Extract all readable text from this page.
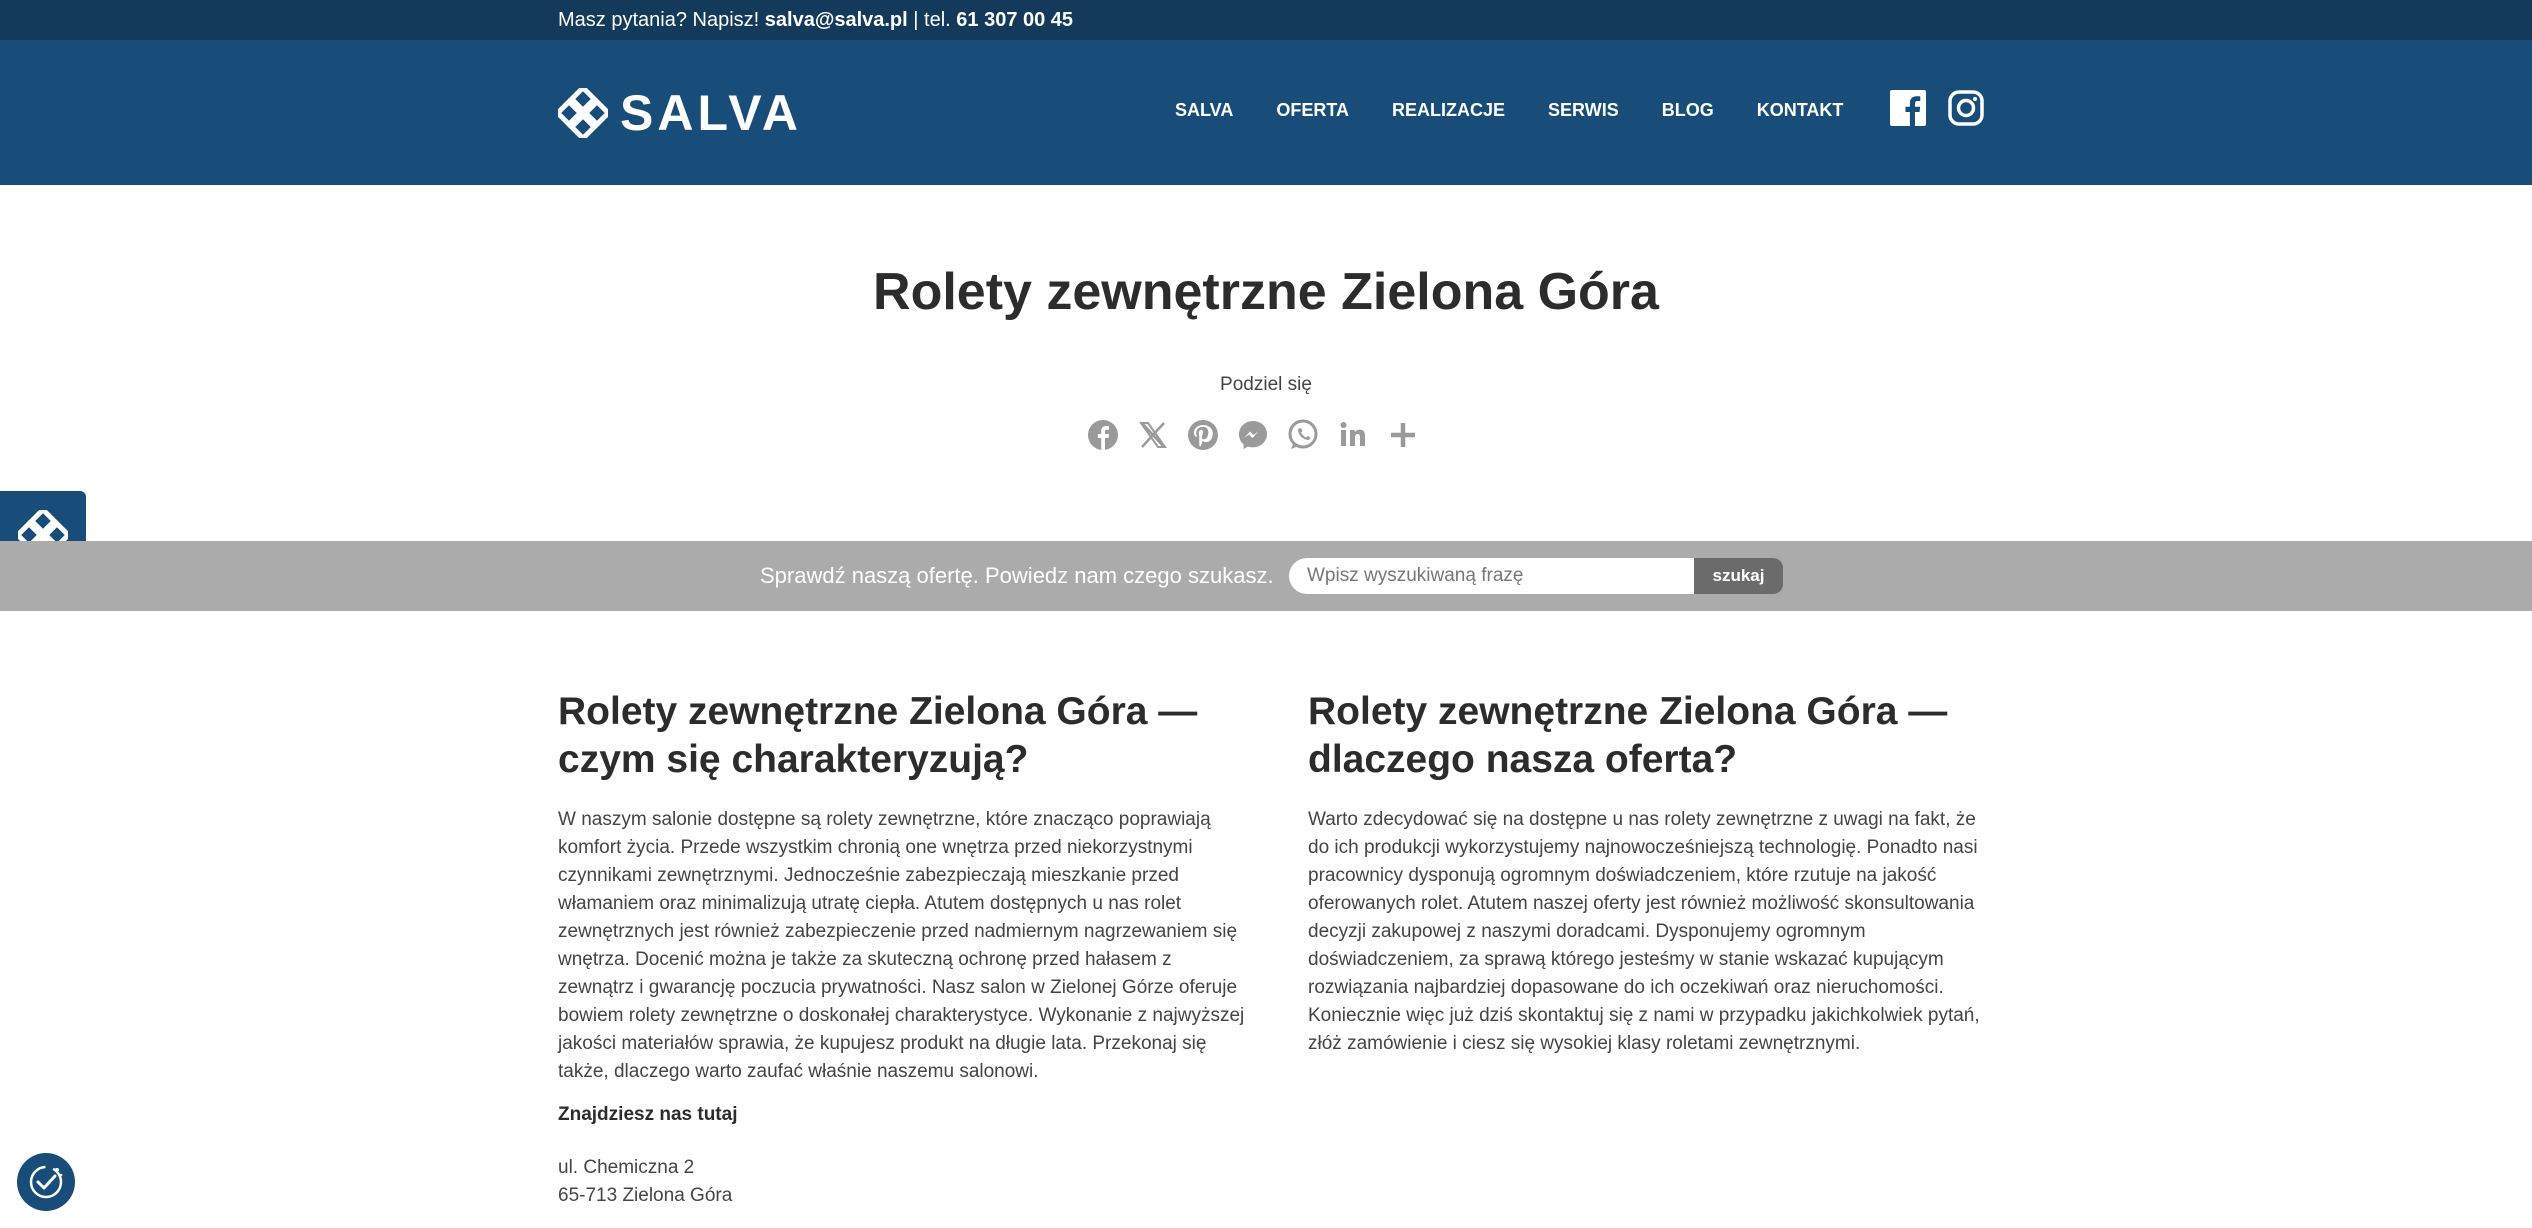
Masz pytania? Napisz! salva@salva.pl | tel. 61 307 00 45
SALVA	SALVA OFERTA REALIZACJE SERWIS BLOG KONTAKT
Rolety zewnętrzne Zielona Góra
Podziel się
Sprawdź naszą ofertę. Powiedz nam czego szukasz.
Wpisz wyszukiwaną frazę	szukaj
Rolety zewnętrzne Zielona Góra — czym się charakteryzują?

W naszym salonie dostępne są rolety zewnętrzne, które znacząco poprawiają komfort życia. Przede wszystkim chronią one wnętrza przed niekorzystnymi czynnikami zewnętrznymi. Jednocześnie zabezpieczają mieszkanie przed włamaniem oraz minimalizują utratę ciepła. Atutem dostępnych u nas rolet zewnętrznych jest również zabezpieczenie przed nadmiernym nagrzewaniem się wnętrza. Docenić można je także za skuteczną ochronę przed hałasem z zewnątrz i gwarancję poczucia prywatności. Nasz salon w Zielonej Górze oferuje bowiem rolety zewnętrzne o doskonałej charakterystyce. Wykonanie z najwyższej jakości materiałów sprawia, że kupujesz produkt na długie lata. Przekonaj się także, dlaczego warto zaufać właśnie naszemu salonowi.

Znajdziesz nas tutaj
ul. Chemiczna 2
65-713 Zielona Góra
Rolety zewnętrzne Zielona Góra — dlaczego nasza oferta?

Warto zdecydować się na dostępne u nas rolety zewnętrzne z uwagi na fakt, że do ich produkcji wykorzystujemy najnowocześniejszą technologię. Ponadto nasi pracownicy dysponują ogromnym doświadczeniem, które rzutuje na jakość oferowanych rolet. Atutem naszej oferty jest również możliwość skonsultowania decyzji zakupowej z naszymi doradcami. Dysponujemy ogromnym doświadczeniem, za sprawą którego jesteśmy w stanie wskazać kupującym rozwiązania najbardziej dopasowane do ich oczekiwań oraz nieruchomości. Koniecznie więc już dziś skontaktuj się z nami w przypadku jakichkolwiek pytań, złóż zamówienie i ciesz się wysokiej klasy roletami zewnętrznymi.
